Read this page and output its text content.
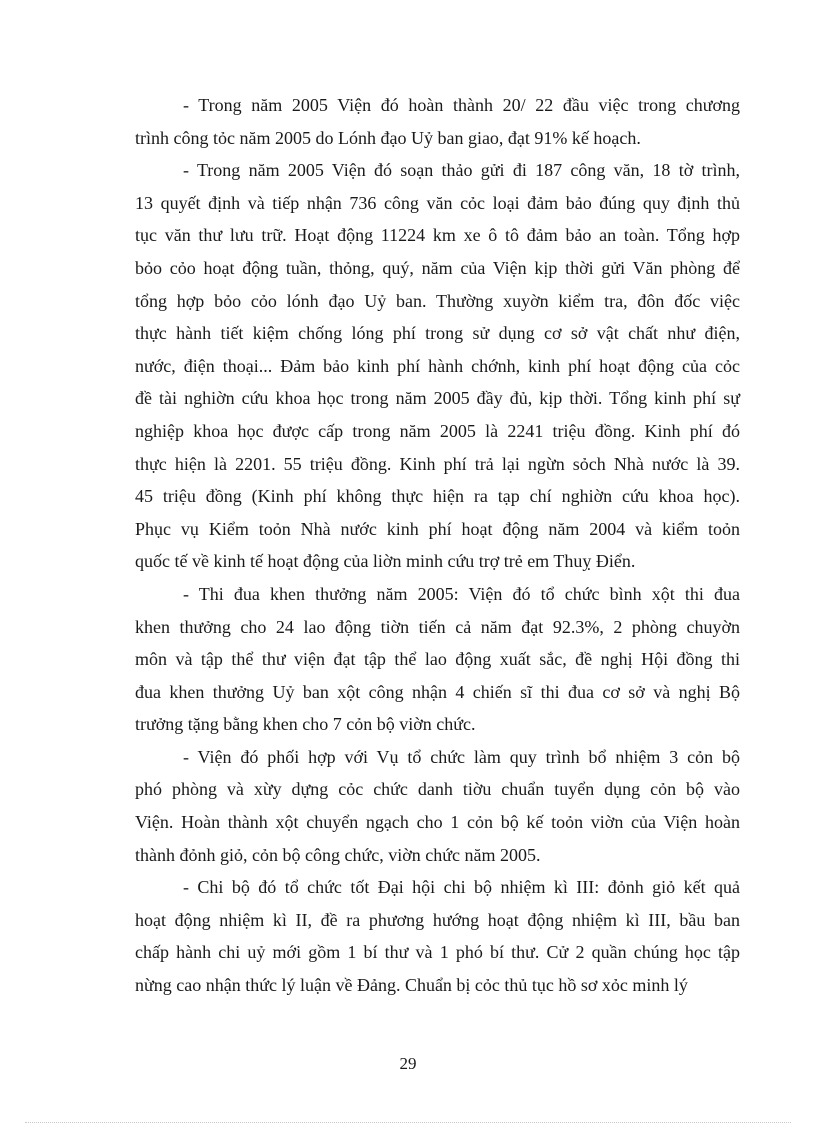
- Trong năm 2005 Viện đó hoàn thành 20/ 22 đầu việc trong chương
trình công tỏc năm 2005 do Lónh đạo Uỷ ban giao, đạt 91% kế hoạch.
- Trong năm 2005 Viện đó soạn thảo gửi đi 187 công văn, 18 tờ trình,
13 quyết định và tiếp nhận 736 công văn cỏc loại đảm bảo đúng quy định thủ
tục văn thư lưu trữ. Hoạt động 11224 km xe ô tô đảm bảo an toàn. Tổng hợp
bỏo cỏo hoạt động tuần, thỏng, quý, năm của Viện kịp thời gửi Văn phòng để
tổng hợp bỏo cỏo lónh đạo Uỷ ban. Thường xuyờn kiểm tra, đôn đốc việc
thực hành tiết kiệm chống lóng phí trong sử dụng cơ sở vật chất như điện,
nước, điện thoại... Đảm bảo kinh phí hành chớnh, kinh phí hoạt động của cỏc
đề tài nghiờn cứu khoa học trong năm 2005 đầy đủ, kịp thời. Tổng kinh phí sự
nghiệp khoa học được cấp trong năm 2005 là 2241 triệu đồng. Kinh phí đó
thực hiện là 2201. 55 triệu đồng. Kinh phí trả lại ngừn sỏch Nhà nước là 39.
45 triệu đồng (Kinh phí không thực hiện ra tạp chí nghiờn cứu khoa học).
Phục vụ Kiểm toỏn Nhà nước kinh phí hoạt động năm 2004 và kiểm toỏn
quốc tế về kinh tế hoạt động của liờn minh cứu trợ trẻ em Thuỵ Điển.
- Thi đua khen thưởng năm 2005: Viện đó tổ chức bình xột thi đua
khen thưởng cho 24 lao động tiờn tiến cả năm đạt 92.3%, 2 phòng chuyờn
môn và tập thể thư viện đạt tập thể lao động xuất sắc, đề nghị Hội đồng thi
đua khen thưởng Uỷ ban xột công nhận 4 chiến sĩ thi đua cơ sở và nghị Bộ
trưởng tặng bằng khen cho 7 cỏn bộ viờn chức.
- Viện đó phối hợp với Vụ tổ chức làm quy trình bổ nhiệm 3 cỏn bộ
phó phòng và xừy dựng cỏc chức danh tiờu chuẩn tuyển dụng cỏn bộ vào
Viện. Hoàn thành xột chuyển ngạch cho 1 cỏn bộ kế toỏn viờn của Viện hoàn
thành đỏnh giỏ, cỏn bộ công chức, viờn chức năm 2005.
- Chi bộ đó tổ chức tốt Đại hội chi bộ nhiệm kì III: đỏnh giỏ kết quả
hoạt động nhiệm kì II, đề ra phương hướng hoạt động nhiệm kì III, bầu ban
chấp hành chi uỷ mới gồm 1 bí thư và 1 phó bí thư. Cử 2 quần chúng học tập
nừng cao nhận thức lý luận về Đảng. Chuẩn bị cỏc thủ tục hồ sơ xỏc minh lý
29
